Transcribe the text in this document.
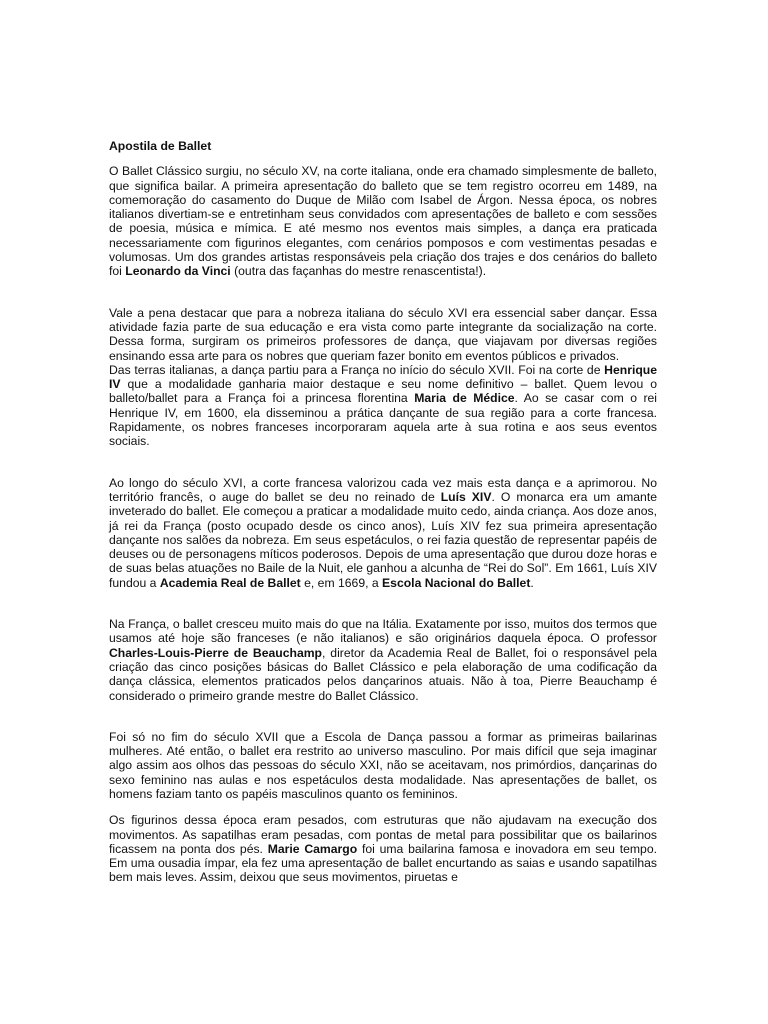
Apostila de Ballet

O Ballet Clássico surgiu, no século XV, na corte italiana, onde era chamado simplesmente de balleto, que significa bailar. A primeira apresentação do balleto que se tem registro ocorreu em 1489, na comemoração do casamento do Duque de Milão com Isabel de Árgon. Nessa época, os nobres italianos divertiam-se e entretinham seus convidados com apresentações de balleto e com sessões de poesia, música e mímica. E até mesmo nos eventos mais simples, a dança era praticada necessariamente com figurinos elegantes, com cenários pomposos e com vestimentas pesadas e volumosas. Um dos grandes artistas responsáveis pela criação dos trajes e dos cenários do balleto foi Leonardo da Vinci (outra das façanhas do mestre renascentista!).

Vale a pena destacar que para a nobreza italiana do século XVI era essencial saber dançar. Essa atividade fazia parte de sua educação e era vista como parte integrante da socialização na corte. Dessa forma, surgiram os primeiros professores de dança, que viajavam por diversas regiões ensinando essa arte para os nobres que queriam fazer bonito em eventos públicos e privados.

Das terras italianas, a dança partiu para a França no início do século XVII. Foi na corte de Henrique IV que a modalidade ganharia maior destaque e seu nome definitivo – ballet. Quem levou o balleto/ballet para a França foi a princesa florentina Maria de Médice. Ao se casar com o rei Henrique IV, em 1600, ela disseminou a prática dançante de sua região para a corte francesa. Rapidamente, os nobres franceses incorporaram aquela arte à sua rotina e aos seus eventos sociais.

Ao longo do século XVI, a corte francesa valorizou cada vez mais esta dança e a aprimorou. No território francês, o auge do ballet se deu no reinado de Luís XIV. O monarca era um amante inveterado do ballet. Ele começou a praticar a modalidade muito cedo, ainda criança. Aos doze anos, já rei da França (posto ocupado desde os cinco anos), Luís XIV fez sua primeira apresentação dançante nos salões da nobreza. Em seus espetáculos, o rei fazia questão de representar papéis de deuses ou de personagens míticos poderosos. Depois de uma apresentação que durou doze horas e de suas belas atuações no Baile de la Nuit, ele ganhou a alcunha de “Rei do Sol”. Em 1661, Luís XIV fundou a Academia Real de Ballet e, em 1669, a Escola Nacional do Ballet.

Na França, o ballet cresceu muito mais do que na Itália. Exatamente por isso, muitos dos termos que usamos até hoje são franceses (e não italianos) e são originários daquela época. O professor Charles-Louis-Pierre de Beauchamp, diretor da Academia Real de Ballet, foi o responsável pela criação das cinco posições básicas do Ballet Clássico e pela elaboração de uma codificação da dança clássica, elementos praticados pelos dançarinos atuais. Não à toa, Pierre Beauchamp é considerado o primeiro grande mestre do Ballet Clássico.

Foi só no fim do século XVII que a Escola de Dança passou a formar as primeiras bailarinas mulheres. Até então, o ballet era restrito ao universo masculino. Por mais difícil que seja imaginar algo assim aos olhos das pessoas do século XXI, não se aceitavam, nos primórdios, dançarinas do sexo feminino nas aulas e nos espetáculos desta modalidade. Nas apresentações de ballet, os homens faziam tanto os papéis masculinos quanto os femininos.

Os figurinos dessa época eram pesados, com estruturas que não ajudavam na execução dos movimentos. As sapatilhas eram pesadas, com pontas de metal para possibilitar que os bailarinos ficassem na ponta dos pés. Marie Camargo foi uma bailarina famosa e inovadora em seu tempo. Em uma ousadia ímpar, ela fez uma apresentação de ballet encurtando as saias e usando sapatilhas bem mais leves. Assim, deixou que seus movimentos, piruetas e
